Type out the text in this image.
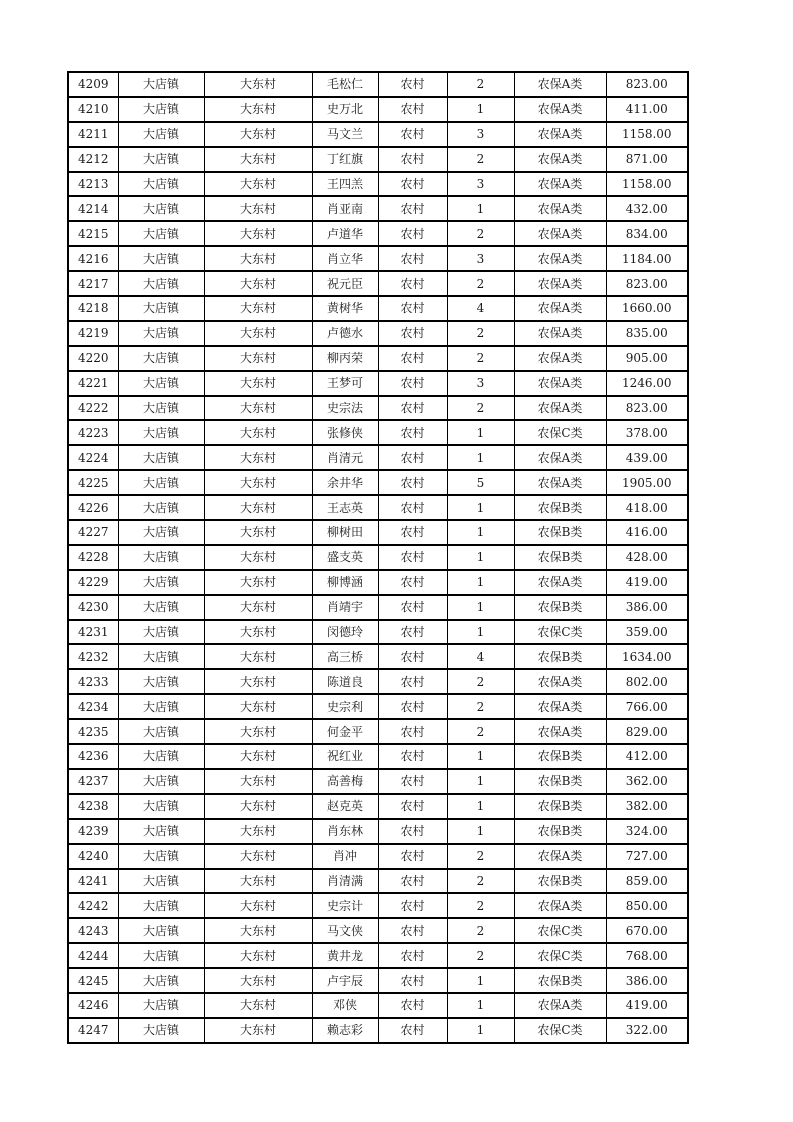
4209	大店镇	大东村	毛松仁	农村	2	农保A类	823.00
4210	大店镇	大东村	史万北	农村	1	农保A类	411.00
4211	大店镇	大东村	马文兰	农村	3	农保A类	1158.00
4212	大店镇	大东村	丁红旗	农村	2	农保A类	871.00
4213	大店镇	大东村	王四羔	农村	3	农保A类	1158.00
4214	大店镇	大东村	肖亚南	农村	1	农保A类	432.00
4215	大店镇	大东村	卢道华	农村	2	农保A类	834.00
4216	大店镇	大东村	肖立华	农村	3	农保A类	1184.00
4217	大店镇	大东村	祝元臣	农村	2	农保A类	823.00
4218	大店镇	大东村	黄树华	农村	4	农保A类	1660.00
4219	大店镇	大东村	卢德水	农村	2	农保A类	835.00
4220	大店镇	大东村	柳丙荣	农村	2	农保A类	905.00
4221	大店镇	大东村	王梦可	农村	3	农保A类	1246.00
4222	大店镇	大东村	史宗法	农村	2	农保A类	823.00
4223	大店镇	大东村	张修侠	农村	1	农保C类	378.00
4224	大店镇	大东村	肖清元	农村	1	农保A类	439.00
4225	大店镇	大东村	余井华	农村	5	农保A类	1905.00
4226	大店镇	大东村	王志英	农村	1	农保B类	418.00
4227	大店镇	大东村	柳树田	农村	1	农保B类	416.00
4228	大店镇	大东村	盛支英	农村	1	农保B类	428.00
4229	大店镇	大东村	柳博涵	农村	1	农保A类	419.00
4230	大店镇	大东村	肖靖宇	农村	1	农保B类	386.00
4231	大店镇	大东村	闵德玲	农村	1	农保C类	359.00
4232	大店镇	大东村	高三桥	农村	4	农保B类	1634.00
4233	大店镇	大东村	陈道良	农村	2	农保A类	802.00
4234	大店镇	大东村	史宗利	农村	2	农保A类	766.00
4235	大店镇	大东村	何金平	农村	2	农保A类	829.00
4236	大店镇	大东村	祝红业	农村	1	农保B类	412.00
4237	大店镇	大东村	高善梅	农村	1	农保B类	362.00
4238	大店镇	大东村	赵克英	农村	1	农保B类	382.00
4239	大店镇	大东村	肖东林	农村	1	农保B类	324.00
4240	大店镇	大东村	肖冲	农村	2	农保A类	727.00
4241	大店镇	大东村	肖清满	农村	2	农保B类	859.00
4242	大店镇	大东村	史宗计	农村	2	农保A类	850.00
4243	大店镇	大东村	马文侠	农村	2	农保C类	670.00
4244	大店镇	大东村	黄井龙	农村	2	农保C类	768.00
4245	大店镇	大东村	卢宇辰	农村	1	农保B类	386.00
4246	大店镇	大东村	邓侠	农村	1	农保A类	419.00
4247	大店镇	大东村	赖志彩	农村	1	农保C类	322.00
